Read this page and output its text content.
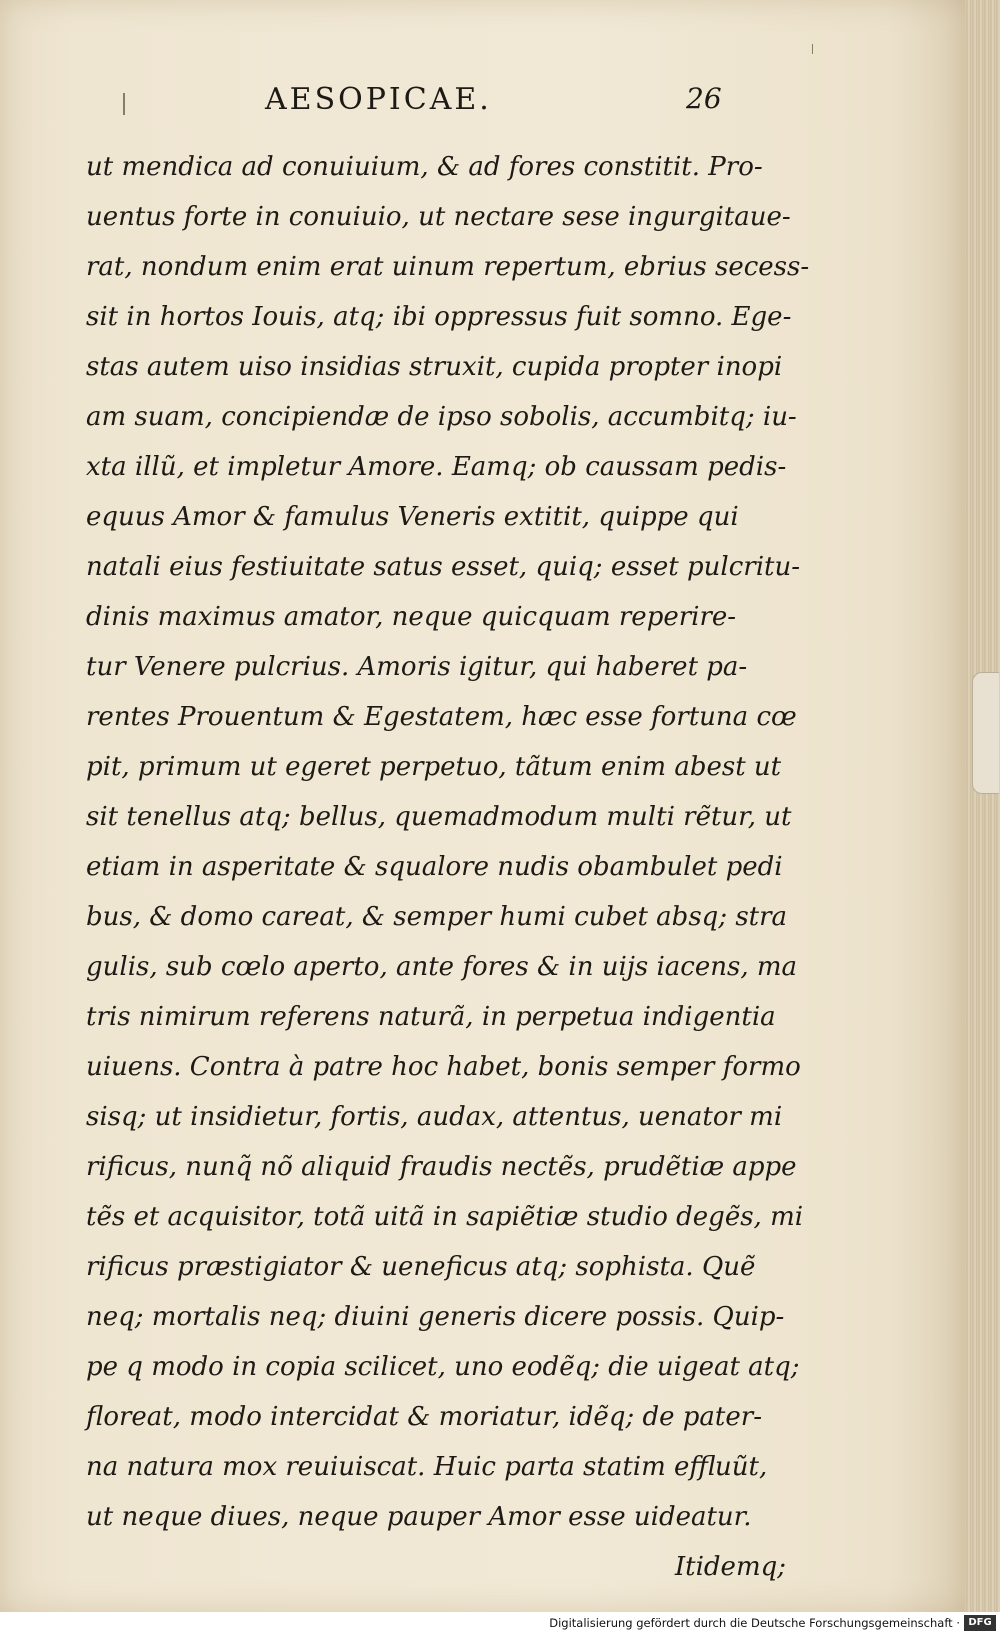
AESOPICAE.	26
ut mendica ad conuiuium, & ad fores constitit. Pro-
uentus forte in conuiuio, ut nectare sese ingurgitaue-
rat, nondum enim erat uinum repertum, ebrius secess-
sit in hortos Iouis, atq; ibi oppressus fuit somno. Ege-
stas autem uiso insidias struxit, cupida propter inopi
am suam, concipiendæ de ipso sobolis, accumbitq; iu-
xta illũ, et impletur Amore. Eamq; ob caussam pedis-
equus Amor & famulus Veneris extitit, quippe qui
natali eius festiuitate satus esset, quiq; esset pulcritu-
dinis maximus amator, neque quicquam reperire-
tur Venere pulcrius. Amoris igitur, qui haberet pa-
rentes Prouentum & Egestatem, hæc esse fortuna cœ
pit, primum ut egeret perpetuo, tãtum enim abest ut
sit tenellus atq; bellus, quemadmodum multi rẽtur, ut
etiam in asperitate & squalore nudis obambulet pedi
bus, & domo careat, & semper humi cubet absq; stra
gulis, sub cœlo aperto, ante fores & in uijs iacens, ma
tris nimirum referens naturã, in perpetua indigentia
uiuens. Contra à patre hoc habet, bonis semper formo
sisq; ut insidietur, fortis, audax, attentus, uenator mi
rificus, nunq̃ nõ aliquid fraudis nectẽs, prudẽtiæ appe
tẽs et acquisitor, totã uitã in sapiẽtiæ studio degẽs, mi
rificus præstigiator & ueneficus atq; sophista. Quẽ
neq; mortalis neq; diuini generis dicere possis. Quip-
pe q modo in copia scilicet, uno eodẽq; die uigeat atq;
floreat, modo intercidat & moriatur, idẽq; de pater-
na natura mox reuiuiscat. Huic parta statim effluũt,
ut neque diues, neque pauper Amor esse uideatur.
Itidemq;
Digitalisierung gefördert durch die Deutsche Forschungsgemeinschaft · DFG
